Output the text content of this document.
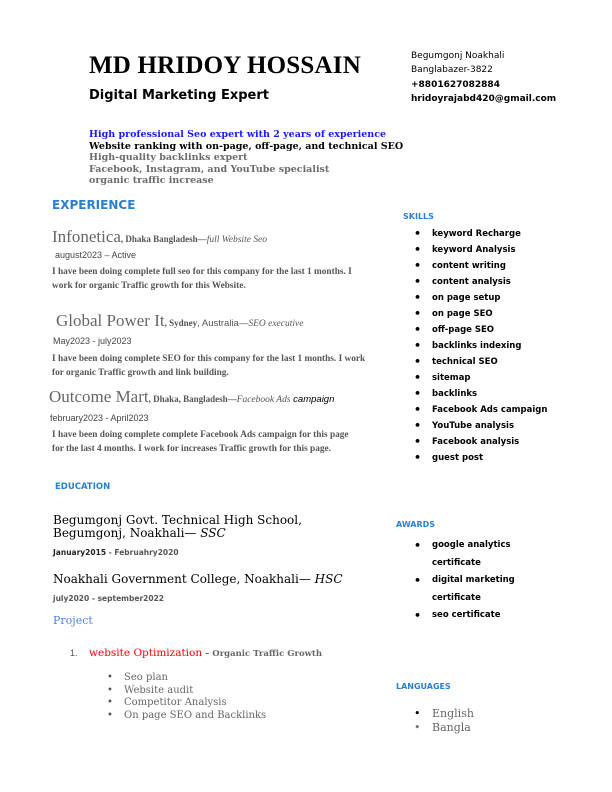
MD HRIDOY HOSSAIN
Digital Marketing Expert
Begumgonj Noakhali
Banglabazer-3822
+8801627082884
hridoyrajabd420@gmail.com
High professional Seo expert with 2 years of experience
Website ranking with on-page, off-page, and technical SEO
High-quality backlinks expert
Facebook, Instagram, and YouTube specialist
organic traffic increase
EXPERIENCE
Infonetica, Dhaka Bangladesh—full Website Seo
august2023 – Active
I have been doing complete full seo for this company for the last 1 months. I work for organic Traffic growth for this Website.
Global Power It, Sydney, Australia—SEO executive
May2023 - july2023
I have been doing complete SEO for this company for the last 1 months. I work for organic Traffic growth and link building.
Outcome Mart, Dhaka, Bangladesh—Facebook Ads campaign
february2023 - April2023
I have been doing complete complete Facebook Ads campaign for this page for the last 4 months. I work for increases Traffic growth for this page.
EDUCATION
Begumgonj Govt. Technical High School, Begumgonj, Noakhali— SSC
January2015 - Februahry2020
Noakhali Government College, Noakhali— HSC
july2020 - september2022
Project
1. website Optimization – Organic Traffic Growth
• Seo plan
• Website audit
• Competitor Analysis
• On page SEO and Backlinks
SKILLS
• keyword Recharge
• keyword Analysis
• content writing
• content analysis
• on page setup
• on page SEO
• off-page SEO
• backlinks indexing
• technical SEO
• sitemap
• backlinks
• Facebook Ads campaign
• YouTube analysis
• Facebook analysis
• guest post
AWARDS
• google analytics certificate
• digital marketing certificate
• seo certificate
LANGUAGES
• English
• Bangla
